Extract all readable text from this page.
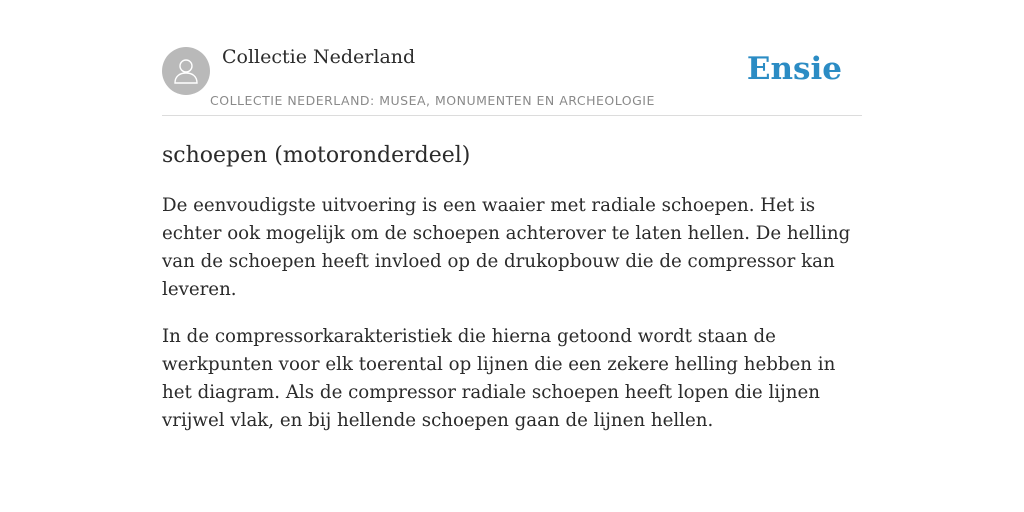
Collectie Nederland
COLLECTIE NEDERLAND: MUSEA, MONUMENTEN EN ARCHEOLOGIE
Ensie
schoepen (motoronderdeel)

De eenvoudigste uitvoering is een waaier met radiale schoepen. Het is echter ook mogelijk om de schoepen achterover te laten hellen. De helling van de schoepen heeft invloed op de drukopbouw die de compressor kan leveren.

In de compressorkarakteristiek die hierna getoond wordt staan de werkpunten voor elk toerental op lijnen die een zekere helling hebben in het diagram. Als de compressor radiale schoepen heeft lopen die lijnen vrijwel vlak, en bij hellende schoepen gaan de lijnen hellen.
